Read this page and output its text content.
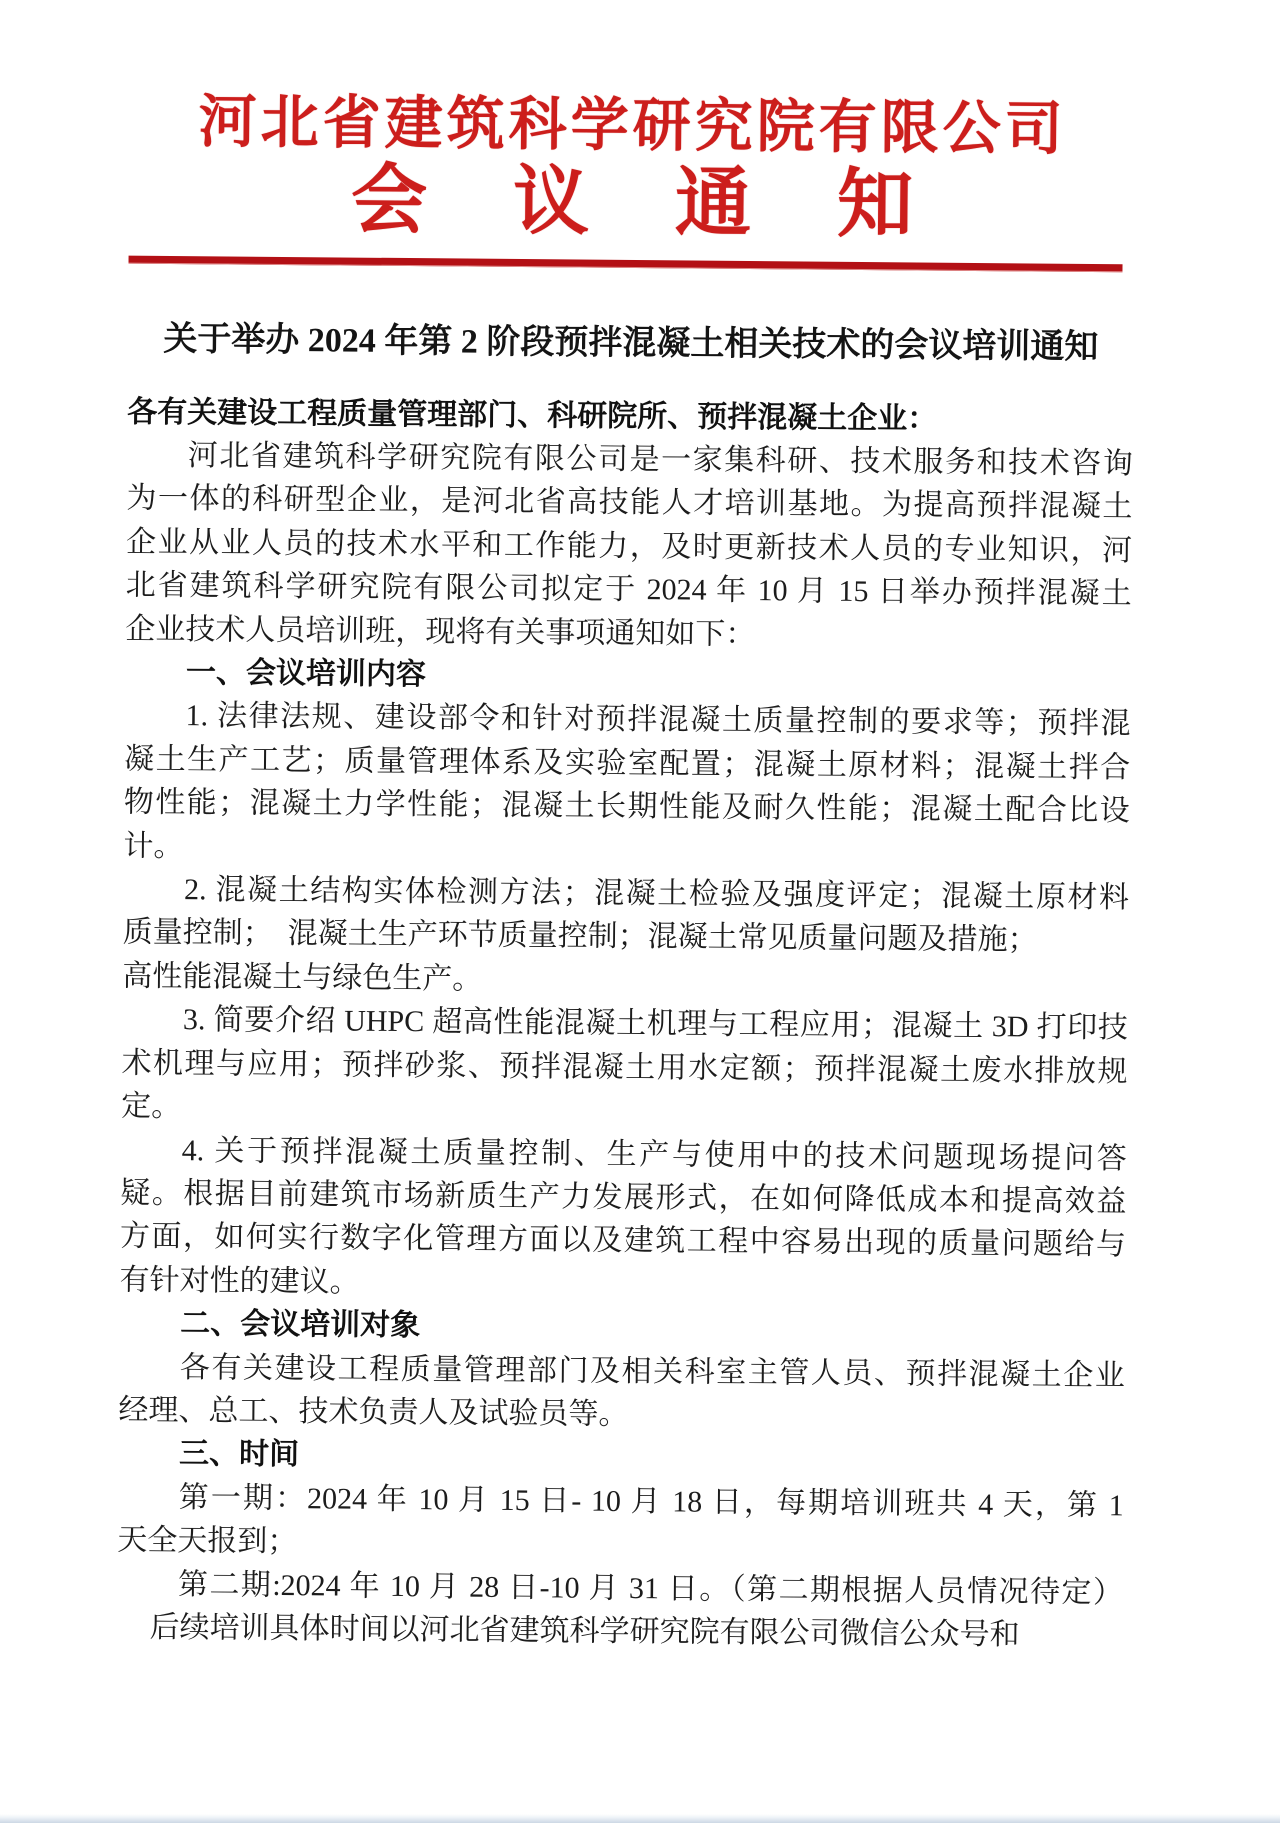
河北省建筑科学研究院有限公司
会议通知
关于举办 2024 年第 2 阶段预拌混凝土相关技术的会议培训通知
各有关建设工程质量管理部门、科研院所、预拌混凝土企业：
河北省建筑科学研究院有限公司是一家集科研、技术服务和技术咨询
为一体的科研型企业，是河北省高技能人才培训基地。为提高预拌混凝土
企业从业人员的技术水平和工作能力，及时更新技术人员的专业知识，河
北省建筑科学研究院有限公司拟定于 2024 年 10 月 15 日举办预拌混凝土
企业技术人员培训班，现将有关事项通知如下：
一、会议培训内容
1. 法律法规、建设部令和针对预拌混凝土质量控制的要求等；预拌混
凝土生产工艺；质量管理体系及实验室配置；混凝土原材料；混凝土拌合
物性能；混凝土力学性能；混凝土长期性能及耐久性能；混凝土配合比设
计。
2. 混凝土结构实体检测方法；混凝土检验及强度评定；混凝土原材料
质量控制；  混凝土生产环节质量控制；混凝土常见质量问题及措施；
高性能混凝土与绿色生产。
3. 简要介绍 UHPC 超高性能混凝土机理与工程应用；混凝土 3D 打印技
术机理与应用；预拌砂浆、预拌混凝土用水定额；预拌混凝土废水排放规
定。
4. 关于预拌混凝土质量控制、生产与使用中的技术问题现场提问答
疑。根据目前建筑市场新质生产力发展形式，在如何降低成本和提高效益
方面，如何实行数字化管理方面以及建筑工程中容易出现的质量问题给与
有针对性的建议。
二、会议培训对象
各有关建设工程质量管理部门及相关科室主管人员、预拌混凝土企业
经理、总工、技术负责人及试验员等。
三、时间
第一期：2024 年 10 月 15 日- 10 月 18 日，每期培训班共 4 天，第 1
天全天报到；
第二期:2024 年 10 月 28 日-10 月 31 日。（第二期根据人员情况待定）
后续培训具体时间以河北省建筑科学研究院有限公司微信公众号和
